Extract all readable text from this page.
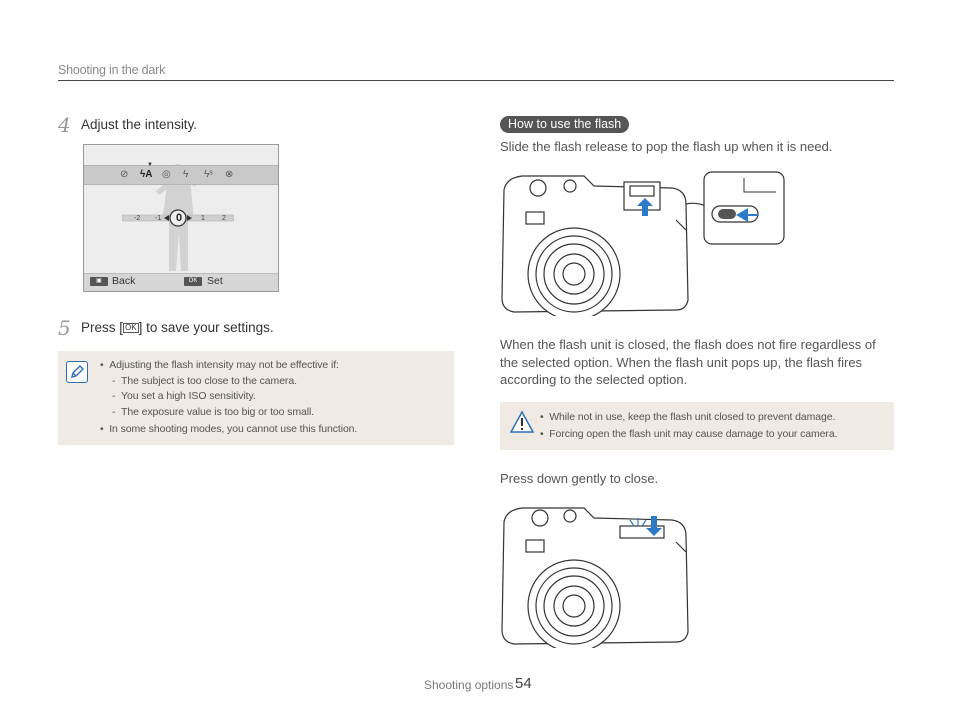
Shooting in the dark
4 Adjust the intensity.
⊘ ϟA ◎ ϟ ϟˢ ⊗
▼
-2 -1 0	1 2
▣ Back	OK Set
5 Press [ OK ] to save your settings.
•  Adjusting the flash intensity may not be effective if:
-  The subject is too close to the camera.
-  You set a high ISO sensitivity.
-  The exposure value is too big or too small.
•  In some shooting modes, you cannot use this function.
How to use the flash
Slide the flash release to pop the flash up when it is need.
When the flash unit is closed, the flash does not fire regardless of
the selected option. When the flash unit pops up, the flash fires
according to the selected option.
•  While not in use, keep the flash unit closed to prevent damage.
•  Forcing open the flash unit may cause damage to your camera.
Press down gently to close.
Shooting options 54
